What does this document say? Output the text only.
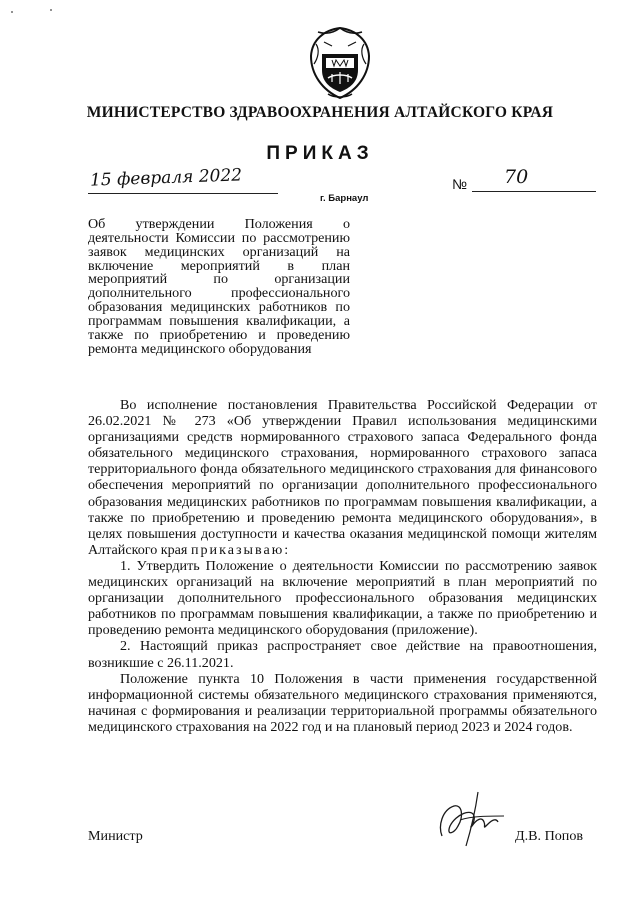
МИНИСТЕРСТВО ЗДРАВООХРАНЕНИЯ АЛТАЙСКОГО КРАЯ
ПРИКАЗ
15 февраля 2022
г. Барнаул
№ 70
Об утверждении Положения о деятельности Комиссии по рассмотрению заявок медицинских организаций на включение мероприятий в план мероприятий по организации дополнительного профессионального образования медицинских работников по программам повышения квалификации, а также по приобретению и проведению ремонта медицинского оборудования

Во исполнение постановления Правительства Российской Федерации от 26.02.2021 № 273 «Об утверждении Правил использования медицинскими организациями средств нормированного страхового запаса Федерального фонда обязательного медицинского страхования, нормированного страхового запаса территориального фонда обязательного медицинского страхования для финансового обеспечения мероприятий по организации дополнительного профессионального образования медицинских работников по программам повышения квалификации, а также по приобретению и проведению ремонта медицинского оборудования», в целях повышения доступности и качества оказания медицинской помощи жителям Алтайского края приказываю:

1. Утвердить Положение о деятельности Комиссии по рассмотрению заявок медицинских организаций на включение мероприятий в план мероприятий по организации дополнительного профессионального образования медицинских работников по программам повышения квалификации, а также по приобретению и проведению ремонта медицинского оборудования (приложение).

2. Настоящий приказ распространяет свое действие на правоотношения, возникшие с 26.11.2021.

Положение пункта 10 Положения в части применения государственной информационной системы обязательного медицинского страхования применяются, начиная с формирования и реализации территориальной программы обязательного медицинского страхования на 2022 год и на плановый период 2023 и 2024 годов.

Министр	Д.В. Попов
